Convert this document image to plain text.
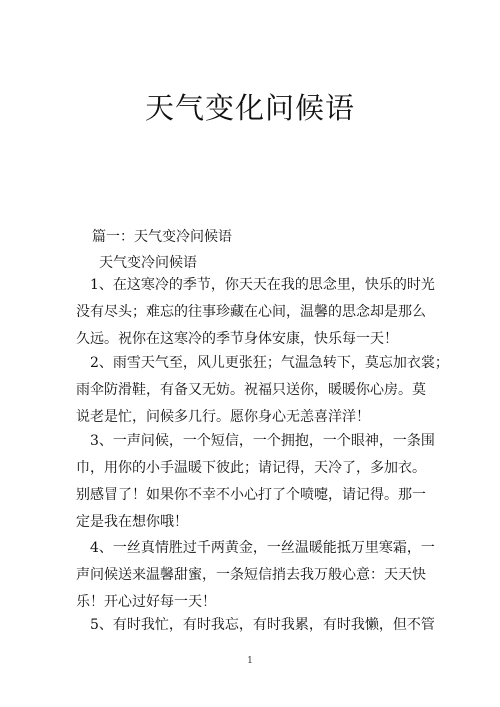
天气变化问候语
篇一：天气变冷问候语
天气变冷问候语
1、在这寒冷的季节，你天天在我的思念里，快乐的时光
没有尽头；难忘的往事珍藏在心间，温馨的思念却是那么
久远。祝你在这寒冷的季节身体安康，快乐每一天！
2、雨雪天气至，风儿更张狂；气温急转下，莫忘加衣裳；
雨伞防滑鞋，有备又无妨。祝福只送你，暖暖你心房。莫
说老是忙，问候多几行。愿你身心无恙喜洋洋！
3、一声问候，一个短信，一个拥抱，一个眼神，一条围
巾，用你的小手温暖下彼此；请记得，天冷了，多加衣。
别感冒了！如果你不幸不小心打了个喷嚏，请记得。那一
定是我在想你哦！
4、一丝真情胜过千两黄金，一丝温暖能抵万里寒霜，一
声问候送来温馨甜蜜，一条短信捎去我万般心意：天天快
乐！开心过好每一天！
5、有时我忙，有时我忘，有时我累，有时我懒，但不管
1
